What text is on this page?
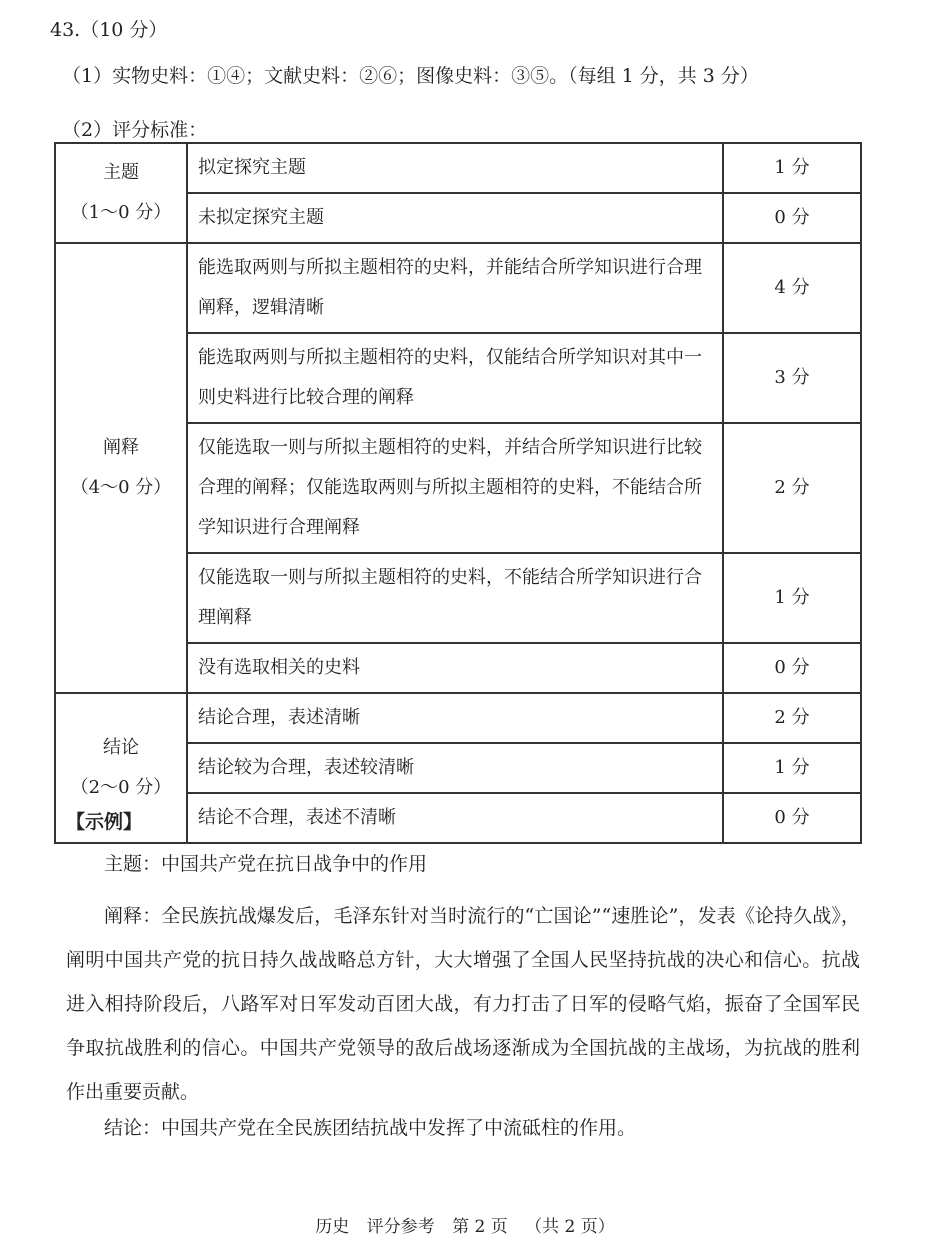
43.（10 分）
（1）实物史料：①④；文献史料：②⑥；图像史料：③⑤。（每组 1 分，共 3 分）
（2）评分标准：
主题
（1～0 分）	拟定探究主题	1 分
	未拟定探究主题	0 分

阐释
（4～0 分）	能选取两则与所拟主题相符的史料，并能结合所学知识进行合理阐释，逻辑清晰	4 分
	能选取两则与所拟主题相符的史料，仅能结合所学知识对其中一则史料进行比较合理的阐释	3 分
	仅能选取一则与所拟主题相符的史料，并结合所学知识进行比较合理的阐释；仅能选取两则与所拟主题相符的史料，不能结合所学知识进行合理阐释	2 分
	仅能选取一则与所拟主题相符的史料，不能结合所学知识进行合理阐释	1 分
	没有选取相关的史料	0 分

结论
（2～0 分）	结论合理，表述清晰	2 分
	结论较为合理，表述较清晰	1 分
	结论不合理，表述不清晰	0 分
【示例】
主题：中国共产党在抗日战争中的作用
阐释：全民族抗战爆发后，毛泽东针对当时流行的“亡国论”“速胜论”，发表《论持久战》，阐明中国共产党的抗日持久战战略总方针，大大增强了全国人民坚持抗战的决心和信心。抗战进入相持阶段后，八路军对日军发动百团大战，有力打击了日军的侵略气焰，振奋了全国军民争取抗战胜利的信心。中国共产党领导的敌后战场逐渐成为全国抗战的主战场，为抗战的胜利作出重要贡献。
结论：中国共产党在全民族团结抗战中发挥了中流砥柱的作用。
历史 评分参考 第 2 页 （共 2 页）
